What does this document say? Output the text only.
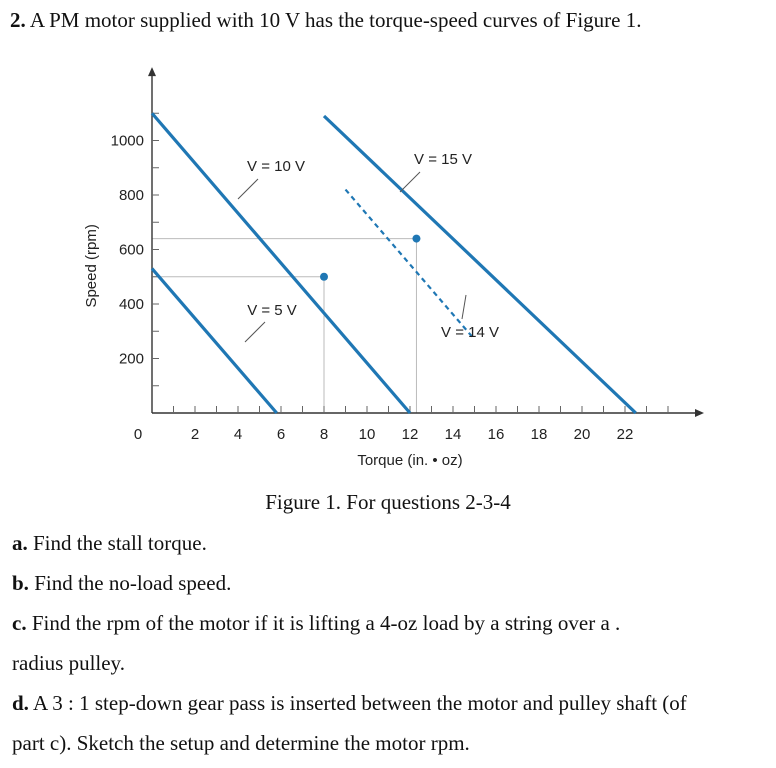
2. A PM motor supplied with 10 V has the torque-speed curves of Figure 1.
V = 10 V	V = 15 V
V = 5 V
V = 14 V
0	2 4 6 8 10 12 14 16 18 20 22
200
400
600
800
1000
Torque (in. • oz)
Speed (rpm)
Figure 1. For questions 2-3-4
a. Find the stall torque.
b. Find the no-load speed.
c. Find the rpm of the motor if it is lifting a 4-oz load by a string over a .
radius pulley.
d. A 3 : 1 step-down gear pass is inserted between the motor and pulley shaft (of
part c). Sketch the setup and determine the motor rpm.
